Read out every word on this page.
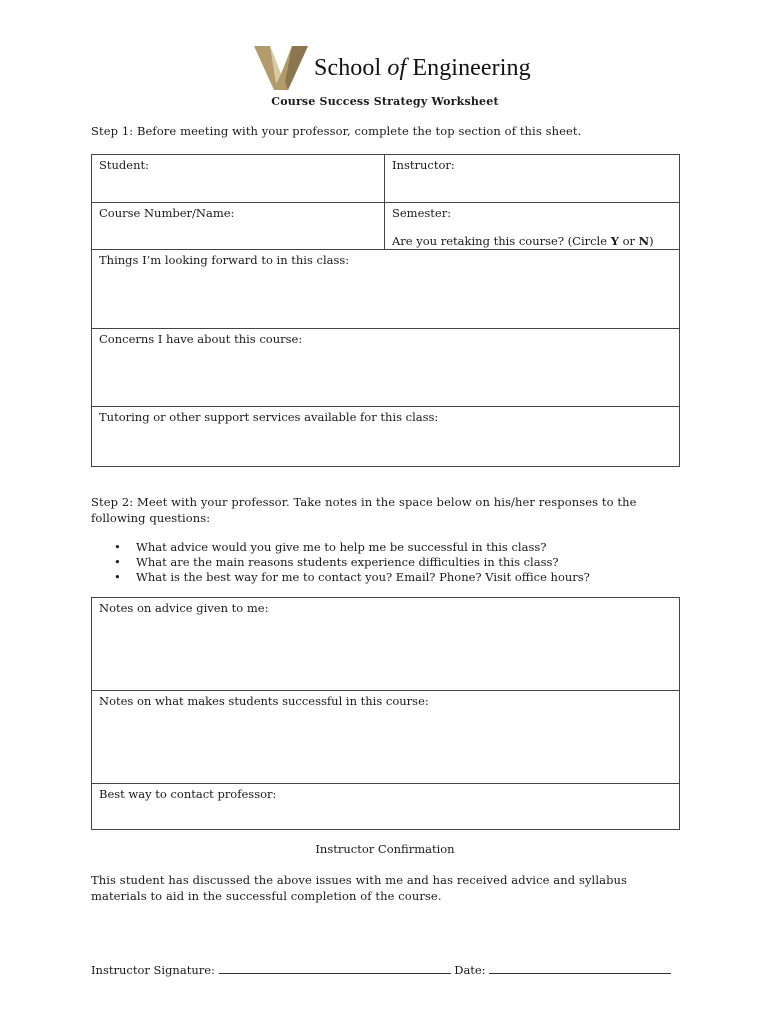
School of Engineering
Course Success Strategy Worksheet
Step 1: Before meeting with your professor, complete the top section of this sheet.
Student:	Instructor:
Course Number/Name:	Semester:
Are you retaking this course? (Circle Y or N)
Things I’m looking forward to in this class:
Concerns I have about this course:
Tutoring or other support services available for this class:
Step 2: Meet with your professor. Take notes in the space below on his/her responses to the
following questions:
• What advice would you give me to help me be successful in this class?
• What are the main reasons students experience difficulties in this class?
• What is the best way for me to contact you? Email? Phone? Visit office hours?
Notes on advice given to me:
Notes on what makes students successful in this course:
Best way to contact professor:
Instructor Confirmation
This student has discussed the above issues with me and has received advice and syllabus
materials to aid in the successful completion of the course.
Instructor Signature:	Date:
